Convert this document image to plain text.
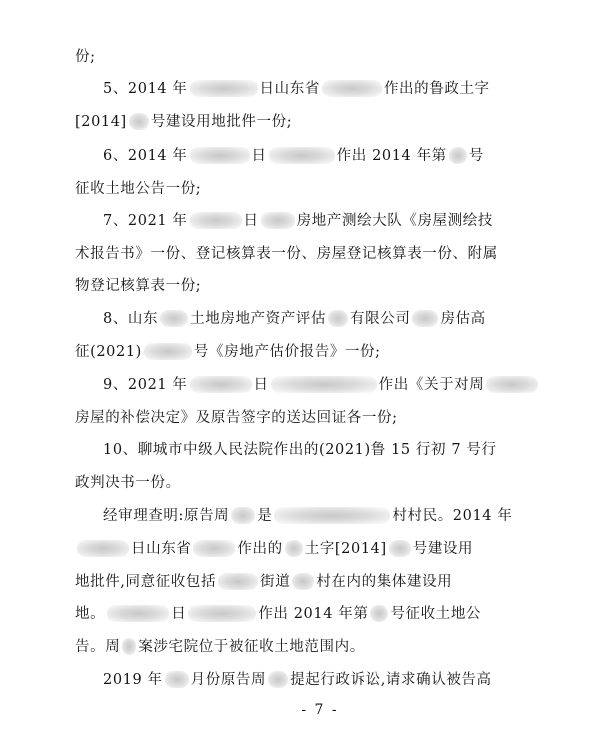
份;
5、2014 年	日山东省	作出的鲁政土字
[2014] 号建设用地批件一份;
6、2014 年	日	作出 2014 年第 号
征收土地公告一份;
7、2021 年	日	房地产测绘大队《房屋测绘技
术报告书》一份、登记核算表一份、房屋登记核算表一份、附属
物登记核算表一份;
8、山东 土地房地产资产评估 有限公司 房估高
征(2021)	号《房地产估价报告》一份;
9、2021 年	日	作出《关于对周
房屋的补偿决定》及原告签字的送达回证各一份;
10、聊城市中级人民法院作出的(2021)鲁 15 行初 7 号行
政判决书一份。
经审理查明:原告周 是	村村民。2014 年
日山东省	作出的 土字[2014] 号建设用
地批件,同意征收包括	街道 村在内的集体建设用
地。	日	作出 2014 年第 号征收土地公
告。周 案涉宅院位于被征收土地范围内。
2019 年 月份原告周 提起行政诉讼,请求确认被告高
- 7 -
